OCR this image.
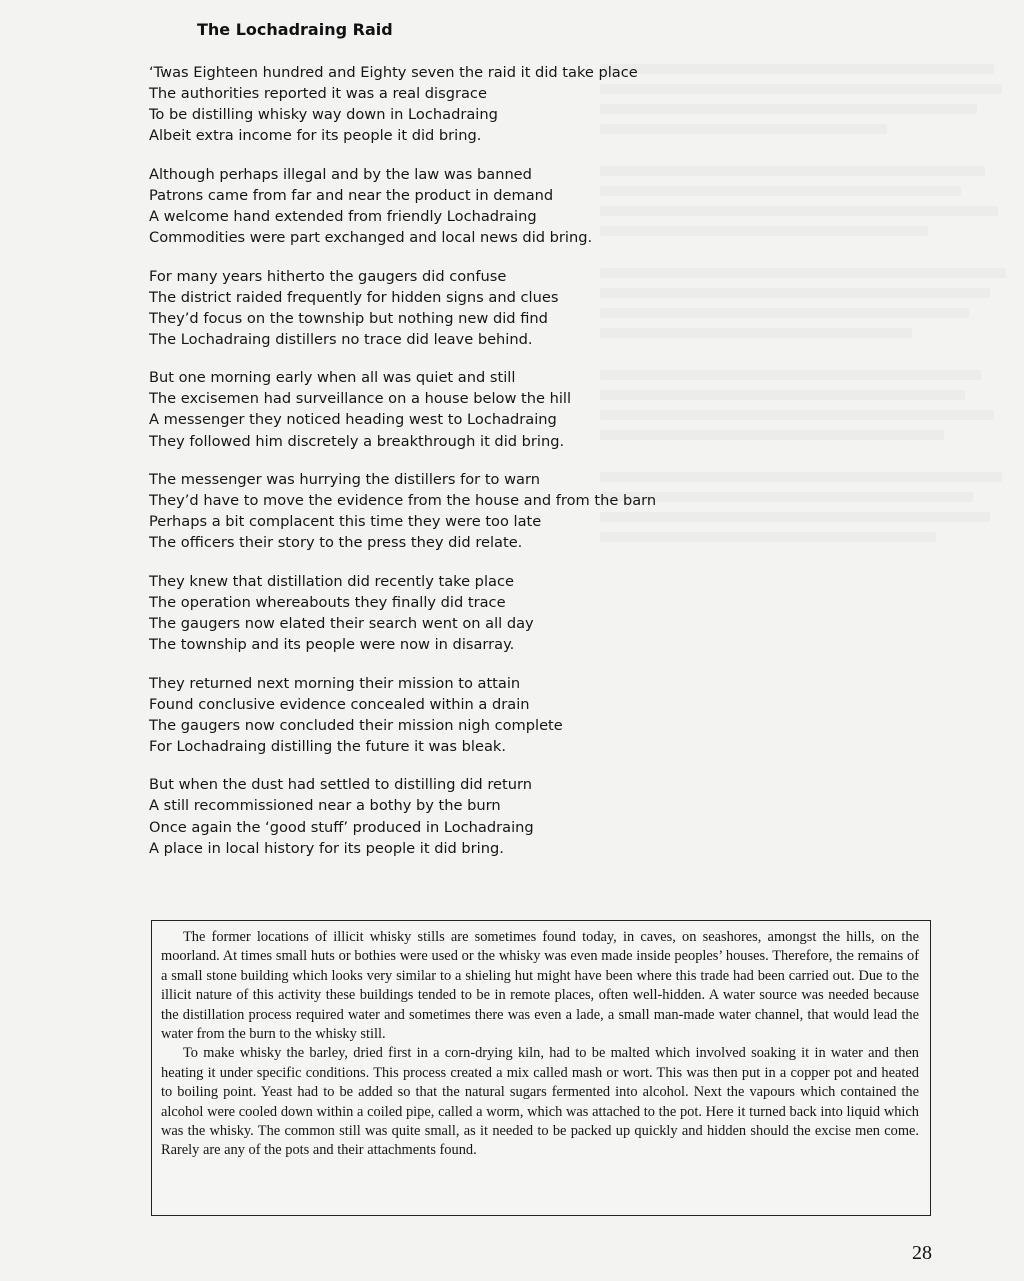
The Lochadraing Raid
‘Twas Eighteen hundred and Eighty seven the raid it did take place
The authorities reported it was a real disgrace
To be distilling whisky way down in Lochadraing
Albeit extra income for its people it did bring.
Although perhaps illegal and by the law was banned
Patrons came from far and near the product in demand
A welcome hand extended from friendly Lochadraing
Commodities were part exchanged and local news did bring.
For many years hitherto the gaugers did confuse
The district raided frequently for hidden signs and clues
They’d focus on the township but nothing new did find
The Lochadraing distillers no trace did leave behind.
But one morning early when all was quiet and still
The excisemen had surveillance on a house below the hill
A messenger they noticed heading west to Lochadraing
They followed him discretely a breakthrough it did bring.
The messenger was hurrying the distillers for to warn
They’d have to move the evidence from the house and from the barn
Perhaps a bit complacent this time they were too late
The officers their story to the press they did relate.
They knew that distillation did recently take place
The operation whereabouts they finally did trace
The gaugers now elated their search went on all day
The township and its people were now in disarray.
They returned next morning their mission to attain
Found conclusive evidence concealed within a drain
The gaugers now concluded their mission nigh complete
For Lochadraing distilling the future it was bleak.
But when the dust had settled to distilling did return
A still recommissioned near a bothy by the burn
Once again the ‘good stuff’ produced in Lochadraing
A place in local history for its people it did bring.

The former locations of illicit whisky stills are sometimes found today, in caves, on seashores, amongst the hills, on the moorland. At times small huts or bothies were used or the whisky was even made inside peoples’ houses. Therefore, the remains of a small stone building which looks very similar to a shieling hut might have been where this trade had been carried out. Due to the illicit nature of this activity these buildings tended to be in remote places, often well-hidden. A water source was needed because the distillation process required water and sometimes there was even a lade, a small man-made water channel, that would lead the water from the burn to the whisky still.

To make whisky the barley, dried first in a corn-drying kiln, had to be malted which involved soaking it in water and then heating it under specific conditions. This process created a mix called mash or wort. This was then put in a copper pot and heated to boiling point. Yeast had to be added so that the natural sugars fermented into alcohol. Next the vapours which contained the alcohol were cooled down within a coiled pipe, called a worm, which was attached to the pot. Here it turned back into liquid which was the whisky. The common still was quite small, as it needed to be packed up quickly and hidden should the excise men come. Rarely are any of the pots and their attachments found.

28
